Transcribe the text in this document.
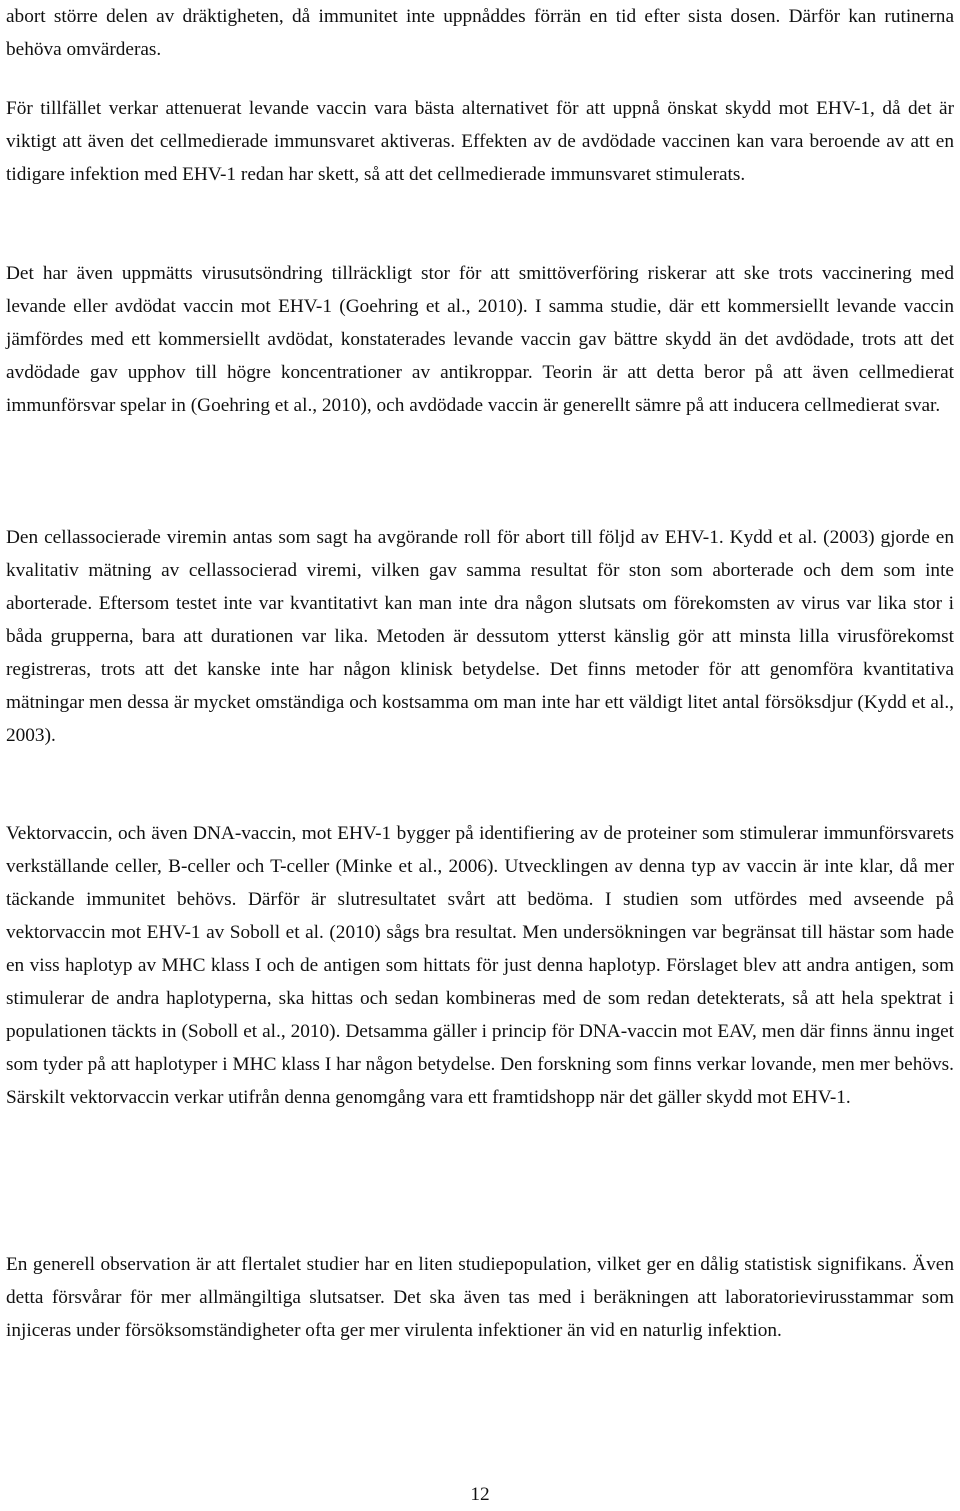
abort större delen av dräktigheten, då immunitet inte uppnåddes förrän en tid efter sista dosen. Därför kan rutinerna behöva omvärderas.

För tillfället verkar attenuerat levande vaccin vara bästa alternativet för att uppnå önskat skydd mot EHV-1, då det är viktigt att även det cellmedierade immunsvaret aktiveras. Effekten av de avdödade vaccinen kan vara beroende av att en tidigare infektion med EHV-1 redan har skett, så att det cellmedierade immunsvaret stimulerats.

Det har även uppmätts virusutsöndring tillräckligt stor för att smittöverföring riskerar att ske trots vaccinering med levande eller avdödat vaccin mot EHV-1 (Goehring et al., 2010). I samma studie, där ett kommersiellt levande vaccin jämfördes med ett kommersiellt avdödat, konstaterades levande vaccin gav bättre skydd än det avdödade, trots att det avdödade gav upphov till högre koncentrationer av antikroppar. Teorin är att detta beror på att även cellmedierat immunförsvar spelar in (Goehring et al., 2010), och avdödade vaccin är generellt sämre på att inducera cellmedierat svar.

Den cellassocierade viremin antas som sagt ha avgörande roll för abort till följd av EHV-1. Kydd et al. (2003) gjorde en kvalitativ mätning av cellassocierad viremi, vilken gav samma resultat för ston som aborterade och dem som inte aborterade. Eftersom testet inte var kvantitativt kan man inte dra någon slutsats om förekomsten av virus var lika stor i båda grupperna, bara att durationen var lika. Metoden är dessutom ytterst känslig gör att minsta lilla virusförekomst registreras, trots att det kanske inte har någon klinisk betydelse. Det finns metoder för att genomföra kvantitativa mätningar men dessa är mycket omständiga och kostsamma om man inte har ett väldigt litet antal försöksdjur (Kydd et al., 2003).

Vektorvaccin, och även DNA-vaccin, mot EHV-1 bygger på identifiering av de proteiner som stimulerar immunförsvarets verkställande celler, B-celler och T-celler (Minke et al., 2006). Utvecklingen av denna typ av vaccin är inte klar, då mer täckande immunitet behövs. Därför är slutresultatet svårt att bedöma. I studien som utfördes med avseende på vektorvaccin mot EHV-1 av Soboll et al. (2010) sågs bra resultat. Men undersökningen var begränsat till hästar som hade en viss haplotyp av MHC klass I och de antigen som hittats för just denna haplotyp. Förslaget blev att andra antigen, som stimulerar de andra haplotyperna, ska hittas och sedan kombineras med de som redan detekterats, så att hela spektrat i populationen täckts in (Soboll et al., 2010). Detsamma gäller i princip för DNA-vaccin mot EAV, men där finns ännu inget som tyder på att haplotyper i MHC klass I har någon betydelse. Den forskning som finns verkar lovande, men mer behövs. Särskilt vektorvaccin verkar utifrån denna genomgång vara ett framtidshopp när det gäller skydd mot EHV-1.

En generell observation är att flertalet studier har en liten studiepopulation, vilket ger en dålig statistisk signifikans. Även detta försvårar för mer allmängiltiga slutsatser. Det ska även tas med i beräkningen att laboratorievirusstammar som injiceras under försöksomständigheter ofta ger mer virulenta infektioner än vid en naturlig infektion.

12
